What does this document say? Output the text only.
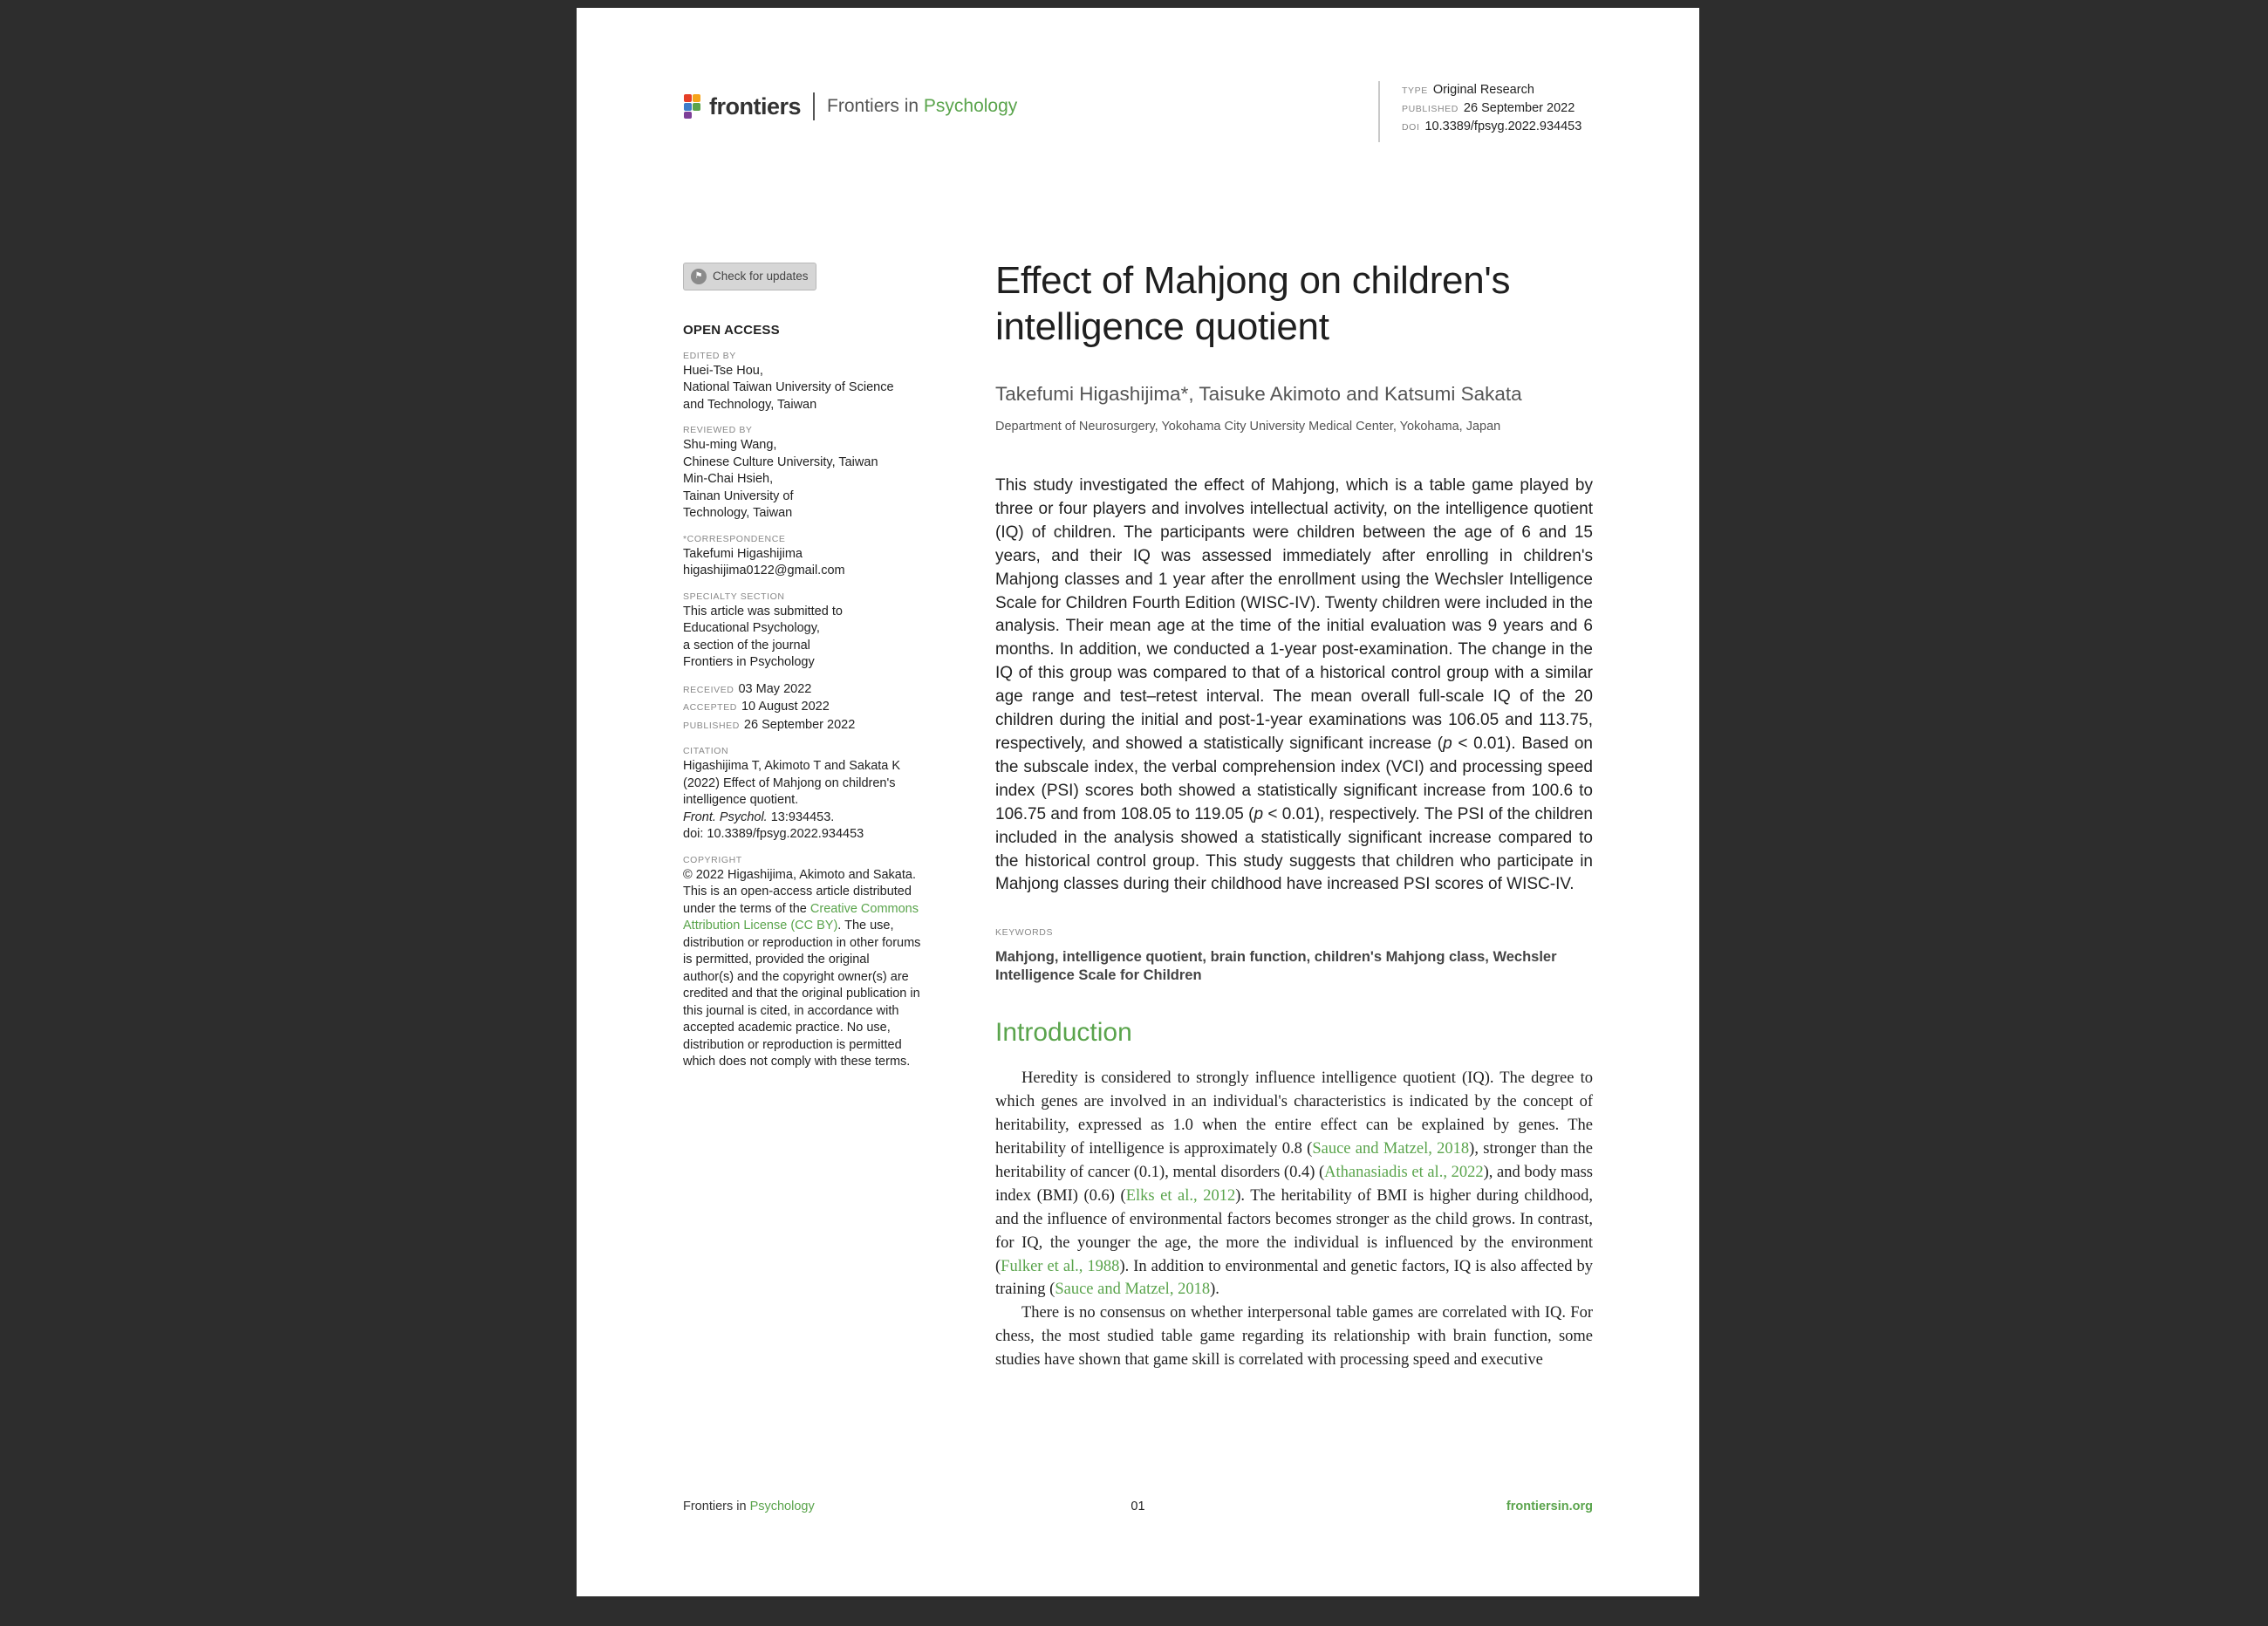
frontiers Frontiers in Psychology
TYPE Original Research
PUBLISHED 26 September 2022
DOI 10.3389/fpsyg.2022.934453
⚑ Check for updates
OPEN ACCESS
EDITED BY
Huei-Tse Hou,
National Taiwan University of Science
and Technology, Taiwan
REVIEWED BY
Shu-ming Wang,
Chinese Culture University, Taiwan
Min-Chai Hsieh,
Tainan University of
Technology, Taiwan
*CORRESPONDENCE
Takefumi Higashijima
higashijima0122@gmail.com
SPECIALTY SECTION
This article was submitted to
Educational Psychology,
a section of the journal
Frontiers in Psychology
RECEIVED 03 May 2022
ACCEPTED 10 August 2022
PUBLISHED 26 September 2022
CITATION
Higashijima T, Akimoto T and Sakata K
(2022) Effect of Mahjong on children's
intelligence quotient.
Front. Psychol. 13:934453.
doi: 10.3389/fpsyg.2022.934453
COPYRIGHT
© 2022 Higashijima, Akimoto and Sakata. This is an open-access article distributed under the terms of the Creative Commons Attribution License (CC BY). The use, distribution or reproduction in other forums is permitted, provided the original author(s) and the copyright owner(s) are credited and that the original publication in this journal is cited, in accordance with accepted academic practice. No use, distribution or reproduction is permitted which does not comply with these terms.
Effect of Mahjong on children's intelligence quotient
Takefumi Higashijima*, Taisuke Akimoto and Katsumi Sakata
Department of Neurosurgery, Yokohama City University Medical Center, Yokohama, Japan
This study investigated the effect of Mahjong, which is a table game played by three or four players and involves intellectual activity, on the intelligence quotient (IQ) of children. The participants were children between the age of 6 and 15 years, and their IQ was assessed immediately after enrolling in children's Mahjong classes and 1 year after the enrollment using the Wechsler Intelligence Scale for Children Fourth Edition (WISC-IV). Twenty children were included in the analysis. Their mean age at the time of the initial evaluation was 9 years and 6 months. In addition, we conducted a 1-year post-examination. The change in the IQ of this group was compared to that of a historical control group with a similar age range and test–retest interval. The mean overall full-scale IQ of the 20 children during the initial and post-1-year examinations was 106.05 and 113.75, respectively, and showed a statistically significant increase (p < 0.01). Based on the subscale index, the verbal comprehension index (VCI) and processing speed index (PSI) scores both showed a statistically significant increase from 100.6 to 106.75 and from 108.05 to 119.05 (p < 0.01), respectively. The PSI of the children included in the analysis showed a statistically significant increase compared to the historical control group. This study suggests that children who participate in Mahjong classes during their childhood have increased PSI scores of WISC-IV.
KEYWORDS
Mahjong, intelligence quotient, brain function, children's Mahjong class, Wechsler Intelligence Scale for Children
Introduction

Heredity is considered to strongly influence intelligence quotient (IQ). The degree to which genes are involved in an individual's characteristics is indicated by the concept of heritability, expressed as 1.0 when the entire effect can be explained by genes. The heritability of intelligence is approximately 0.8 (Sauce and Matzel, 2018), stronger than the heritability of cancer (0.1), mental disorders (0.4) (Athanasiadis et al., 2022), and body mass index (BMI) (0.6) (Elks et al., 2012). The heritability of BMI is higher during childhood, and the influence of environmental factors becomes stronger as the child grows. In contrast, for IQ, the younger the age, the more the individual is influenced by the environment (Fulker et al., 1988). In addition to environmental and genetic factors, IQ is also affected by training (Sauce and Matzel, 2018).

There is no consensus on whether interpersonal table games are correlated with IQ. For chess, the most studied table game regarding its relationship with brain function, some studies have shown that game skill is correlated with processing speed and executive

Frontiers in Psychology	01	frontiersin.org
